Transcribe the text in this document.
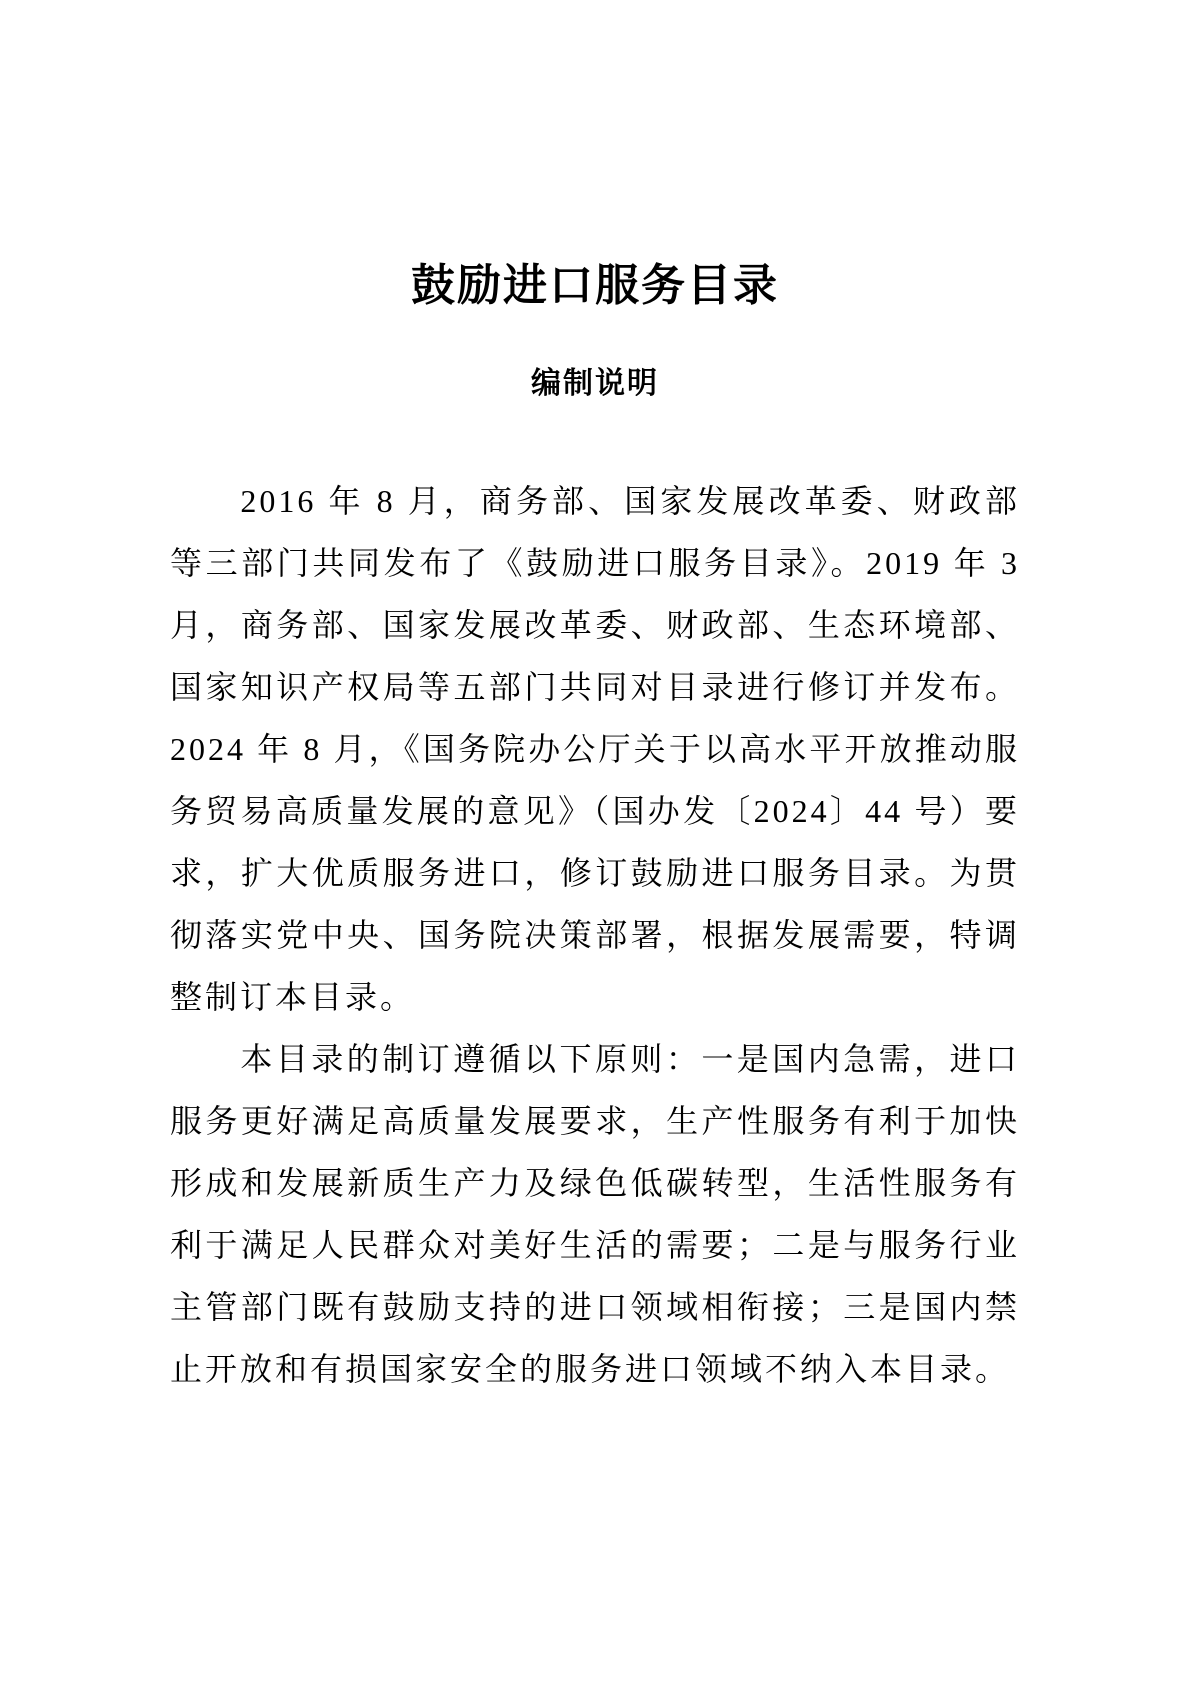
鼓励进口服务目录
编制说明

2016 年 8 月，商务部、国家发展改革委、财政部等三部门共同发布了《鼓励进口服务目录》。2019 年 3 月，商务部、国家发展改革委、财政部、生态环境部、国家知识产权局等五部门共同对目录进行修订并发布。2024 年 8 月，《国务院办公厅关于以高水平开放推动服务贸易高质量发展的意见》（国办发〔2024〕44 号）要求，扩大优质服务进口，修订鼓励进口服务目录。为贯彻落实党中央、国务院决策部署，根据发展需要，特调整制订本目录。

本目录的制订遵循以下原则：一是国内急需，进口服务更好满足高质量发展要求，生产性服务有利于加快形成和发展新质生产力及绿色低碳转型，生活性服务有利于满足人民群众对美好生活的需要；二是与服务行业主管部门既有鼓励支持的进口领域相衔接；三是国内禁止开放和有损国家安全的服务进口领域不纳入本目录。
